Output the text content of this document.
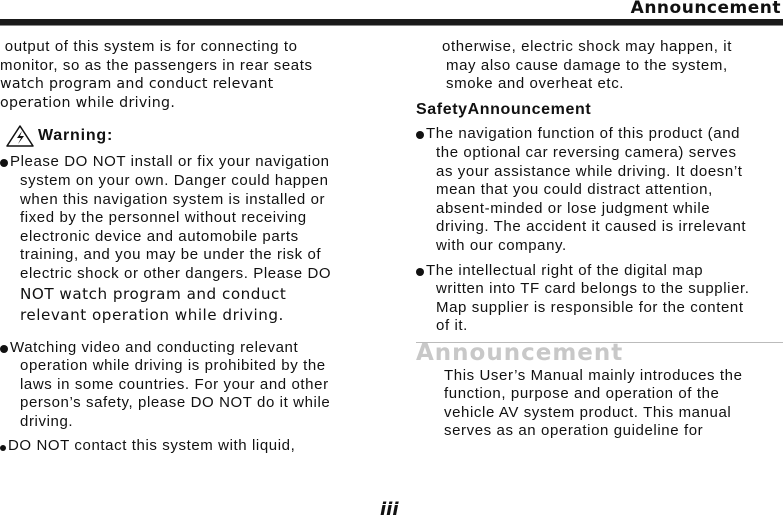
Announcement

output of this system is for connecting to

monitor, so as the passengers in rear seats

watch program and conduct relevant

operation while driving.

Warning:

Please DO NOT install or fix your navigation

system on your own. Danger could happen

when this navigation system is installed or

fixed by the personnel without receiving

electronic device and automobile parts

training, and you may be under the risk of

electric shock or other dangers. Please DO

NOT watch program and conduct

relevant operation while driving.

Watching video and conducting relevant

operation while driving is prohibited by the

laws in some countries. For your and other

person’s safety, please DO NOT do it while

driving.

DO NOT contact this system with liquid,

otherwise, electric shock may happen, it

may also cause damage to the system,

smoke and overheat etc.

SafetyAnnouncement

The navigation function of this product (and

the optional car reversing camera) serves

as your assistance while driving. It doesn’t

mean that you could distract attention,

absent-minded or lose judgment while

driving. The accident it caused is irrelevant

with our company.

The intellectual right of the digital map

written into TF card belongs to the supplier.

Map supplier is responsible for the content

of it.

Announcement

This User’s Manual mainly introduces the

function, purpose and operation of the

vehicle AV system product. This manual

serves as an operation guideline for

iii
